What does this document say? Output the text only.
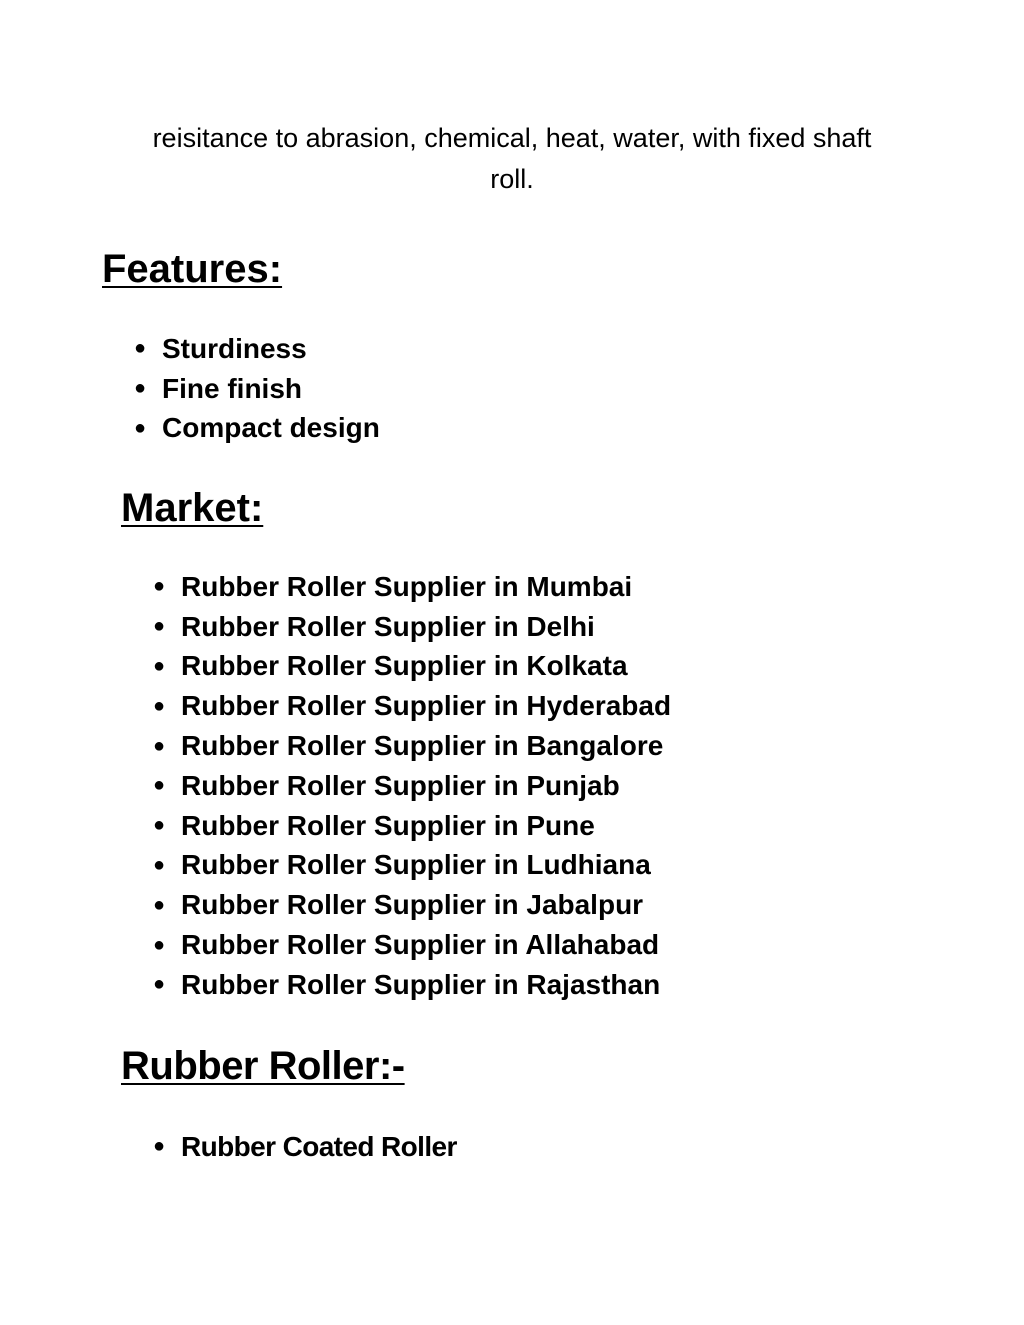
reisitance to abrasion, chemical, heat, water, with fixed shaft
roll.

Features:
● Sturdiness
● Fine finish
● Compact design
Market:
● Rubber Roller Supplier in Mumbai
● Rubber Roller Supplier in Delhi
● Rubber Roller Supplier in Kolkata
● Rubber Roller Supplier in Hyderabad
● Rubber Roller Supplier in Bangalore
● Rubber Roller Supplier in Punjab
● Rubber Roller Supplier in Pune
● Rubber Roller Supplier in Ludhiana
● Rubber Roller Supplier in Jabalpur
● Rubber Roller Supplier in Allahabad
● Rubber Roller Supplier in Rajasthan
Rubber Roller:-
● Rubber Coated Roller
